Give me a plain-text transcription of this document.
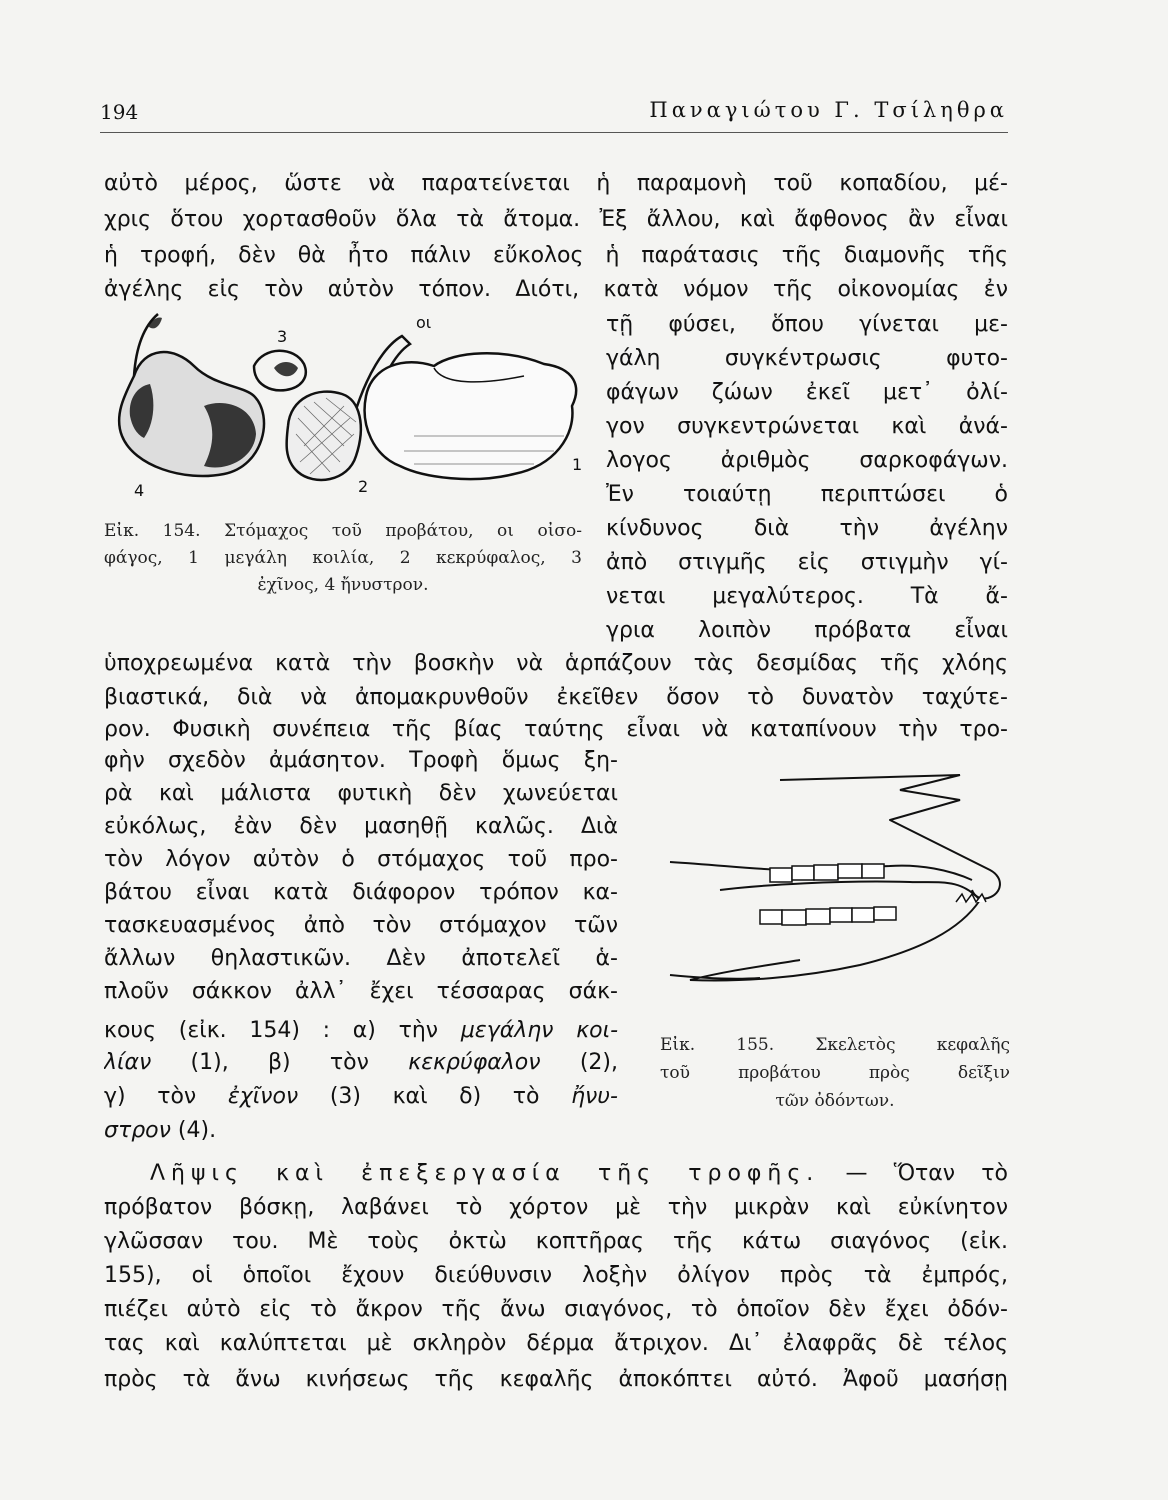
194	Παναγιώτου Γ. Τσίληθρα
αὐτὸ μέρος, ὥστε νὰ παρατείνεται ἡ παραμονὴ τοῦ κοπαδίου, μέ-
χρις ὅτου χορτασθοῦν ὅλα τὰ ἄτομα. Ἐξ ἄλλου, καὶ ἄφθονος ἂν εἶναι
ἡ τροφή, δὲν θὰ ἦτο πάλιν εὔκολος ἡ παράτασις τῆς διαμονῆς τῆς
ἀγέλης εἰς τὸν αὐτὸν τόπον. Διότι, κατὰ νόμον τῆς οἰκονομίας ἐν
3
οι
1
2
4
τῇ φύσει, ὅπου γίνεται με-
γάλη συγκέντρωσις φυτο-
φάγων ζώων ἐκεῖ μετ᾽ ὀλί-
γον συγκεντρώνεται καὶ ἀνά-
λογος ἀριθμὸς σαρκοφάγων.
Ἐν τοιαύτῃ περιπτώσει ὁ
κίνδυνος διὰ τὴν ἀγέλην
ἀπὸ στιγμῆς εἰς στιγμὴν γί-
νεται μεγαλύτερος. Τὰ ἄ-
γρια λοιπὸν πρόβατα εἶναι
Εἰκ. 154. Στόμαχος τοῦ προβάτου, οι οἰσο-
φάγος, 1 μεγάλη κοιλία, 2 κεκρύφαλος, 3
ἐχῖνος, 4 ἤνυστρον.
ὑποχρεωμένα κατὰ τὴν βοσκὴν νὰ ἁρπάζουν τὰς δεσμίδας τῆς χλόης
βιαστικά, διὰ νὰ ἀπομακρυνθοῦν ἐκεῖθεν ὅσον τὸ δυνατὸν ταχύτε-
ρον. Φυσικὴ συνέπεια τῆς βίας ταύτης εἶναι νὰ καταπίνουν τὴν τρο-
φὴν σχεδὸν ἀμάσητον. Τροφὴ ὅμως ξη-
ρὰ καὶ μάλιστα φυτικὴ δὲν χωνεύεται
εὐκόλως, ἐὰν δὲν μασηθῇ καλῶς. Διὰ
τὸν λόγον αὐτὸν ὁ στόμαχος τοῦ προ-
βάτου εἶναι κατὰ διάφορον τρόπον κα-
τασκευασμένος ἀπὸ τὸν στόμαχον τῶν
ἄλλων θηλαστικῶν. Δὲν ἀποτελεῖ ἁ-
πλοῦν σάκκον ἀλλ᾽ ἔχει τέσσαρας σάκ-
κους (εἰκ. 154) : α) τὴν μεγάλην κοι-
λίαν (1), β) τὸν κεκρύφαλον (2),
γ) τὸν ἐχῖνον (3) καὶ δ) τὸ ἤνυ-
στρον (4).
Εἰκ. 155. Σκελετὸς κεφαλῆς
τοῦ προβάτου πρὸς δεῖξιν
τῶν ὀδόντων.
Λῆψις καὶ ἐπεξεργασία τῆς τροφῆς. — Ὅταν τὸ
πρόβατον βόσκῃ, λαβάνει τὸ χόρτον μὲ τὴν μικρὰν καὶ εὐκίνητον
γλῶσσαν του. Μὲ τοὺς ὀκτὼ κοπτῆρας τῆς κάτω σιαγόνος (εἰκ.
155), οἱ ὁποῖοι ἔχουν διεύθυνσιν λοξὴν ὀλίγον πρὸς τὰ ἐμπρός,
πιέζει αὐτὸ εἰς τὸ ἄκρον τῆς ἄνω σιαγόνος, τὸ ὁποῖον δὲν ἔχει ὀδόν-
τας καὶ καλύπτεται μὲ σκληρὸν δέρμα ἄτριχον. Δι᾽ ἐλαφρᾶς δὲ τέλος
πρὸς τὰ ἄνω κινήσεως τῆς κεφαλῆς ἀποκόπτει αὐτό. Ἀφοῦ μασήσῃ
